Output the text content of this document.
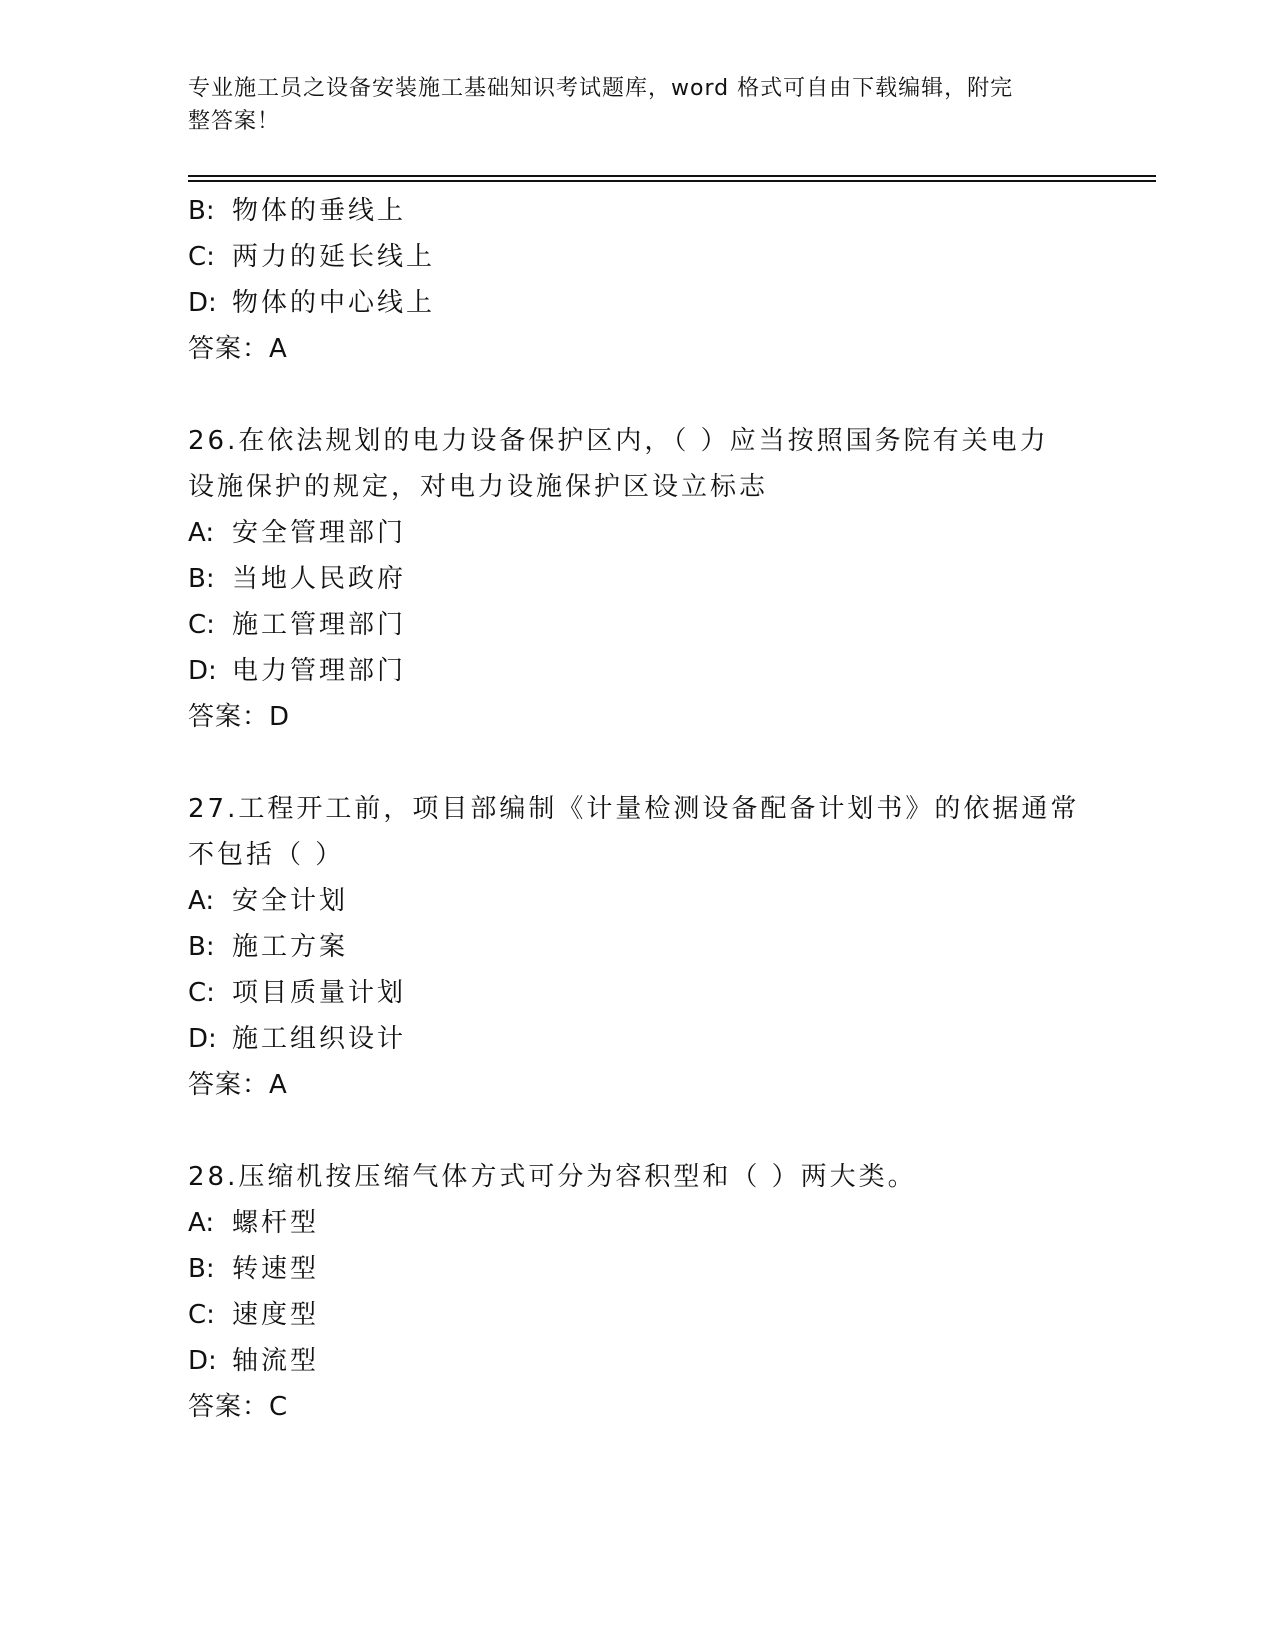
专业施工员之设备安装施工基础知识考试题库，word 格式可自由下载编辑，附完
整答案！
B: 物体的垂线上
C: 两力的延长线上
D: 物体的中心线上
答案：A
26.在依法规划的电力设备保护区内，（ ）应当按照国务院有关电力
设施保护的规定，对电力设施保护区设立标志
A: 安全管理部门
B: 当地人民政府
C: 施工管理部门
D: 电力管理部门
答案：D
27.工程开工前，项目部编制《计量检测设备配备计划书》的依据通常
不包括（ ）
A: 安全计划
B: 施工方案
C: 项目质量计划
D: 施工组织设计
答案：A
28.压缩机按压缩气体方式可分为容积型和（ ）两大类。
A: 螺杆型
B: 转速型
C: 速度型
D: 轴流型
答案：C
